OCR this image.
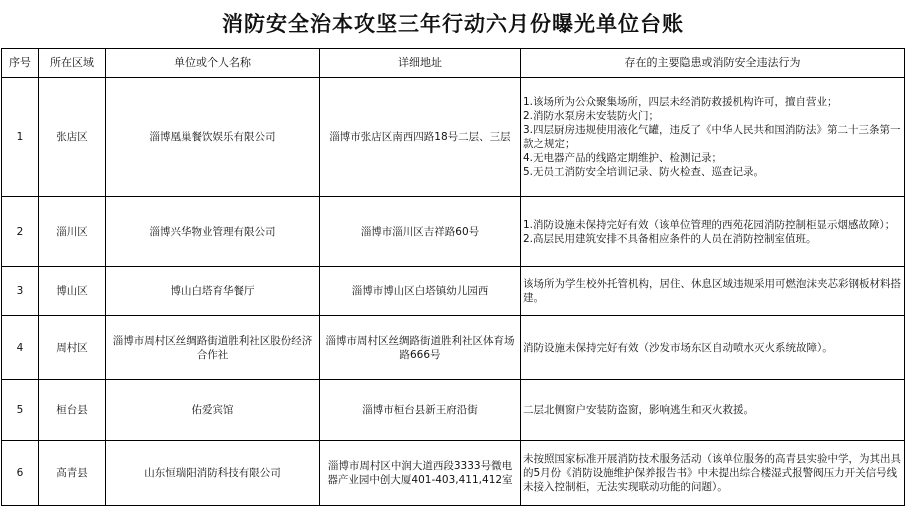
消防安全治本攻坚三年行动六月份曝光单位台账
序号	所在区域	单位或个人名称	详细地址	存在的主要隐患或消防安全违法行为
1	张店区	淄博凰巢餐饮娱乐有限公司	淄博市张店区南西四路18号二层、三层	1.该场所为公众聚集场所，四层未经消防救援机构许可，擅自营业；
2.消防水泵房未安装防火门；
3.四层厨房违规使用液化气罐，违反了《中华人民共和国消防法》第二十三条第一款之规定；
4.无电器产品的线路定期维护、检测记录；
5.无员工消防安全培训记录、防火检查、巡查记录。

2	淄川区	淄博兴华物业管理有限公司	淄博市淄川区吉祥路60号	1.消防设施未保持完好有效（该单位管理的西苑花园消防控制柜显示烟感故障）；
2.高层民用建筑安排不具备相应条件的人员在消防控制室值班。

3	博山区	博山白塔育华餐厅	淄博市博山区白塔镇幼儿园西	该场所为学生校外托管机构，居住、休息区域违规采用可燃泡沫夹芯彩钢板材料搭建。

4	周村区	淄博市周村区丝绸路街道胜利社区股份经济合作社	淄博市周村区丝绸路街道胜利社区体育场路666号	消防设施未保持完好有效（沙发市场东区自动喷水灭火系统故障）。

5	桓台县	佑爱宾馆	淄博市桓台县新王府沿街	二层北侧窗户安装防盗窗，影响逃生和灭火救援。

6	高青县	山东恒瑞阳消防科技有限公司	淄博市周村区中润大道西段3333号微电器产业园中创大厦401-403,411,412室	未按照国家标准开展消防技术服务活动（该单位服务的高青县实验中学，为其出具的5月份《消防设施维护保养报告书》中未提出综合楼湿式报警阀压力开关信号线未接入控制柜，无法实现联动功能的问题）。
